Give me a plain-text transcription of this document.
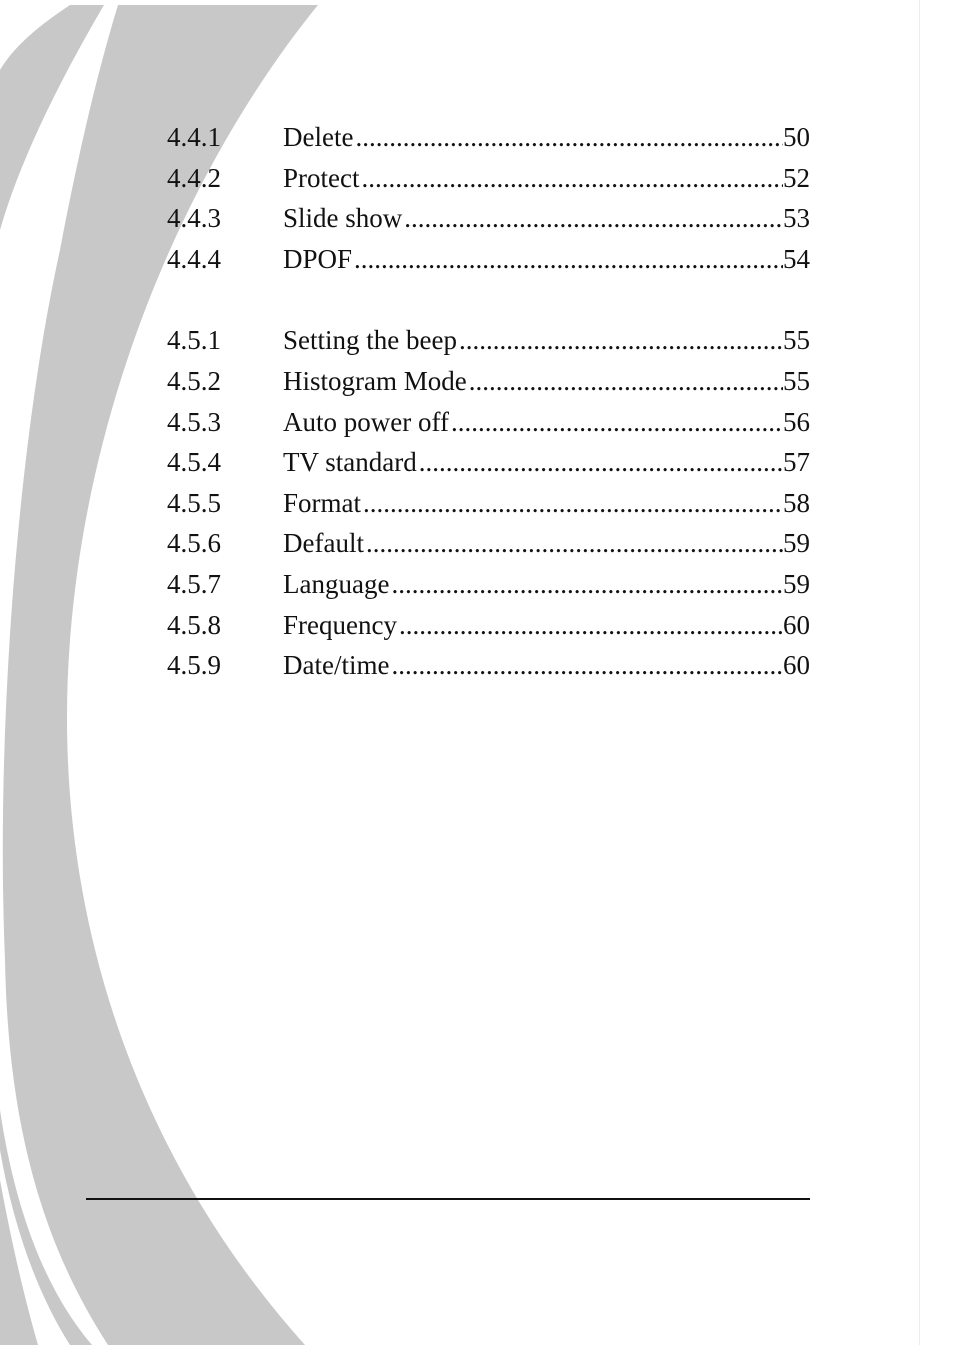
4.4.1	Delete .....	50
4.4.2	Protect .....	52
4.4.3	Slide show .....	53
4.4.4	DPOF .....	54
4.5.1	Setting the beep .....	55
4.5.2	Histogram Mode .....	55
4.5.3	Auto power off .....	56
4.5.4	TV standard .....	57
4.5.5	Format .....	58
4.5.6	Default .....	59
4.5.7	Language .....	59
4.5.8	Frequency .....	60
4.5.9	Date/time .....	60
